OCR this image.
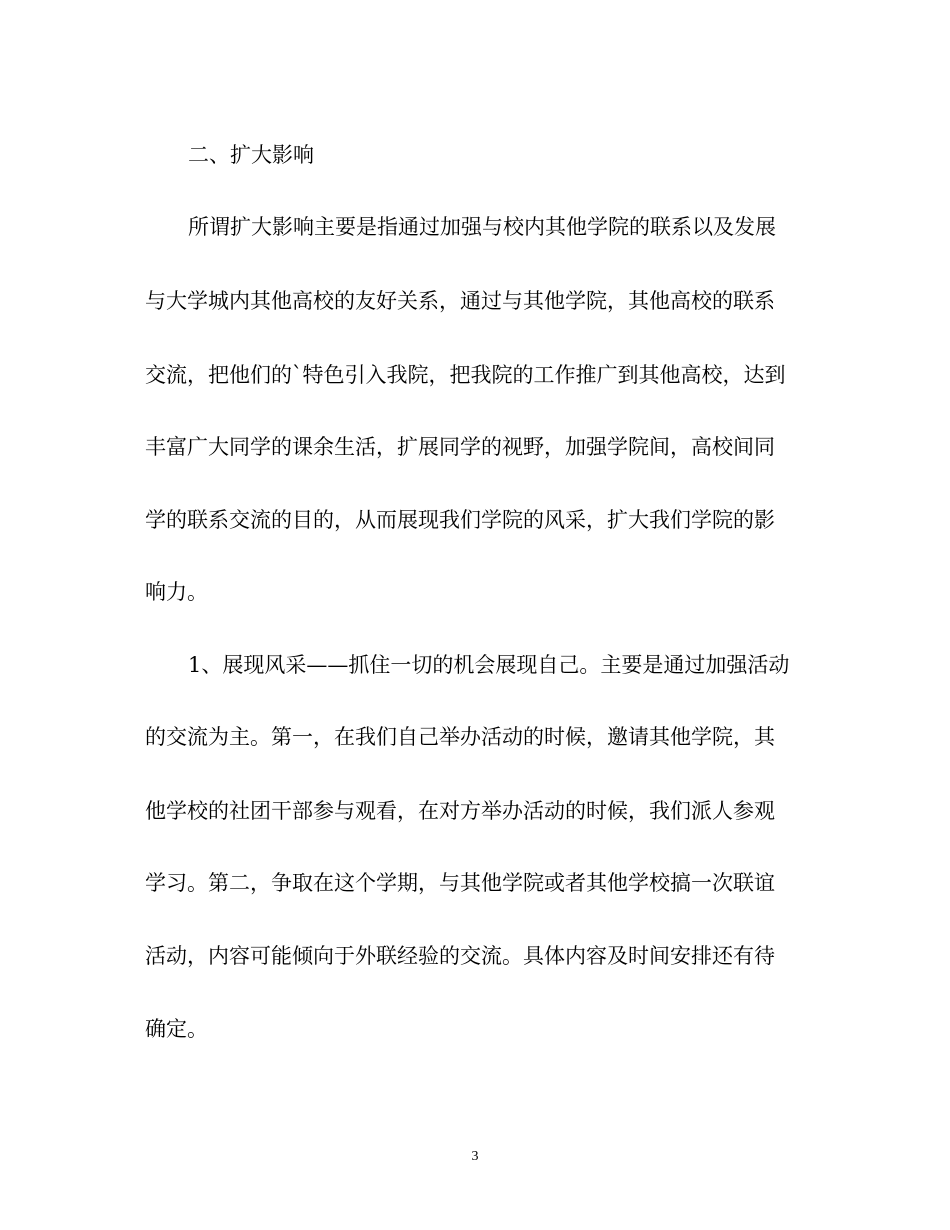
二、扩大影响
所谓扩大影响主要是指通过加强与校内其他学院的联系以及发展
与大学城内其他高校的友好关系，通过与其他学院，其他高校的联系
交流，把他们的`特色引入我院，把我院的工作推广到其他高校，达到
丰富广大同学的课余生活，扩展同学的视野，加强学院间，高校间同
学的联系交流的目的，从而展现我们学院的风采，扩大我们学院的影
响力。
1、展现风采——抓住一切的机会展现自己。主要是通过加强活动
的交流为主。第一，在我们自己举办活动的时候，邀请其他学院，其
他学校的社团干部参与观看，在对方举办活动的时候，我们派人参观
学习。第二，争取在这个学期，与其他学院或者其他学校搞一次联谊
活动，内容可能倾向于外联经验的交流。具体内容及时间安排还有待
确定。
3
